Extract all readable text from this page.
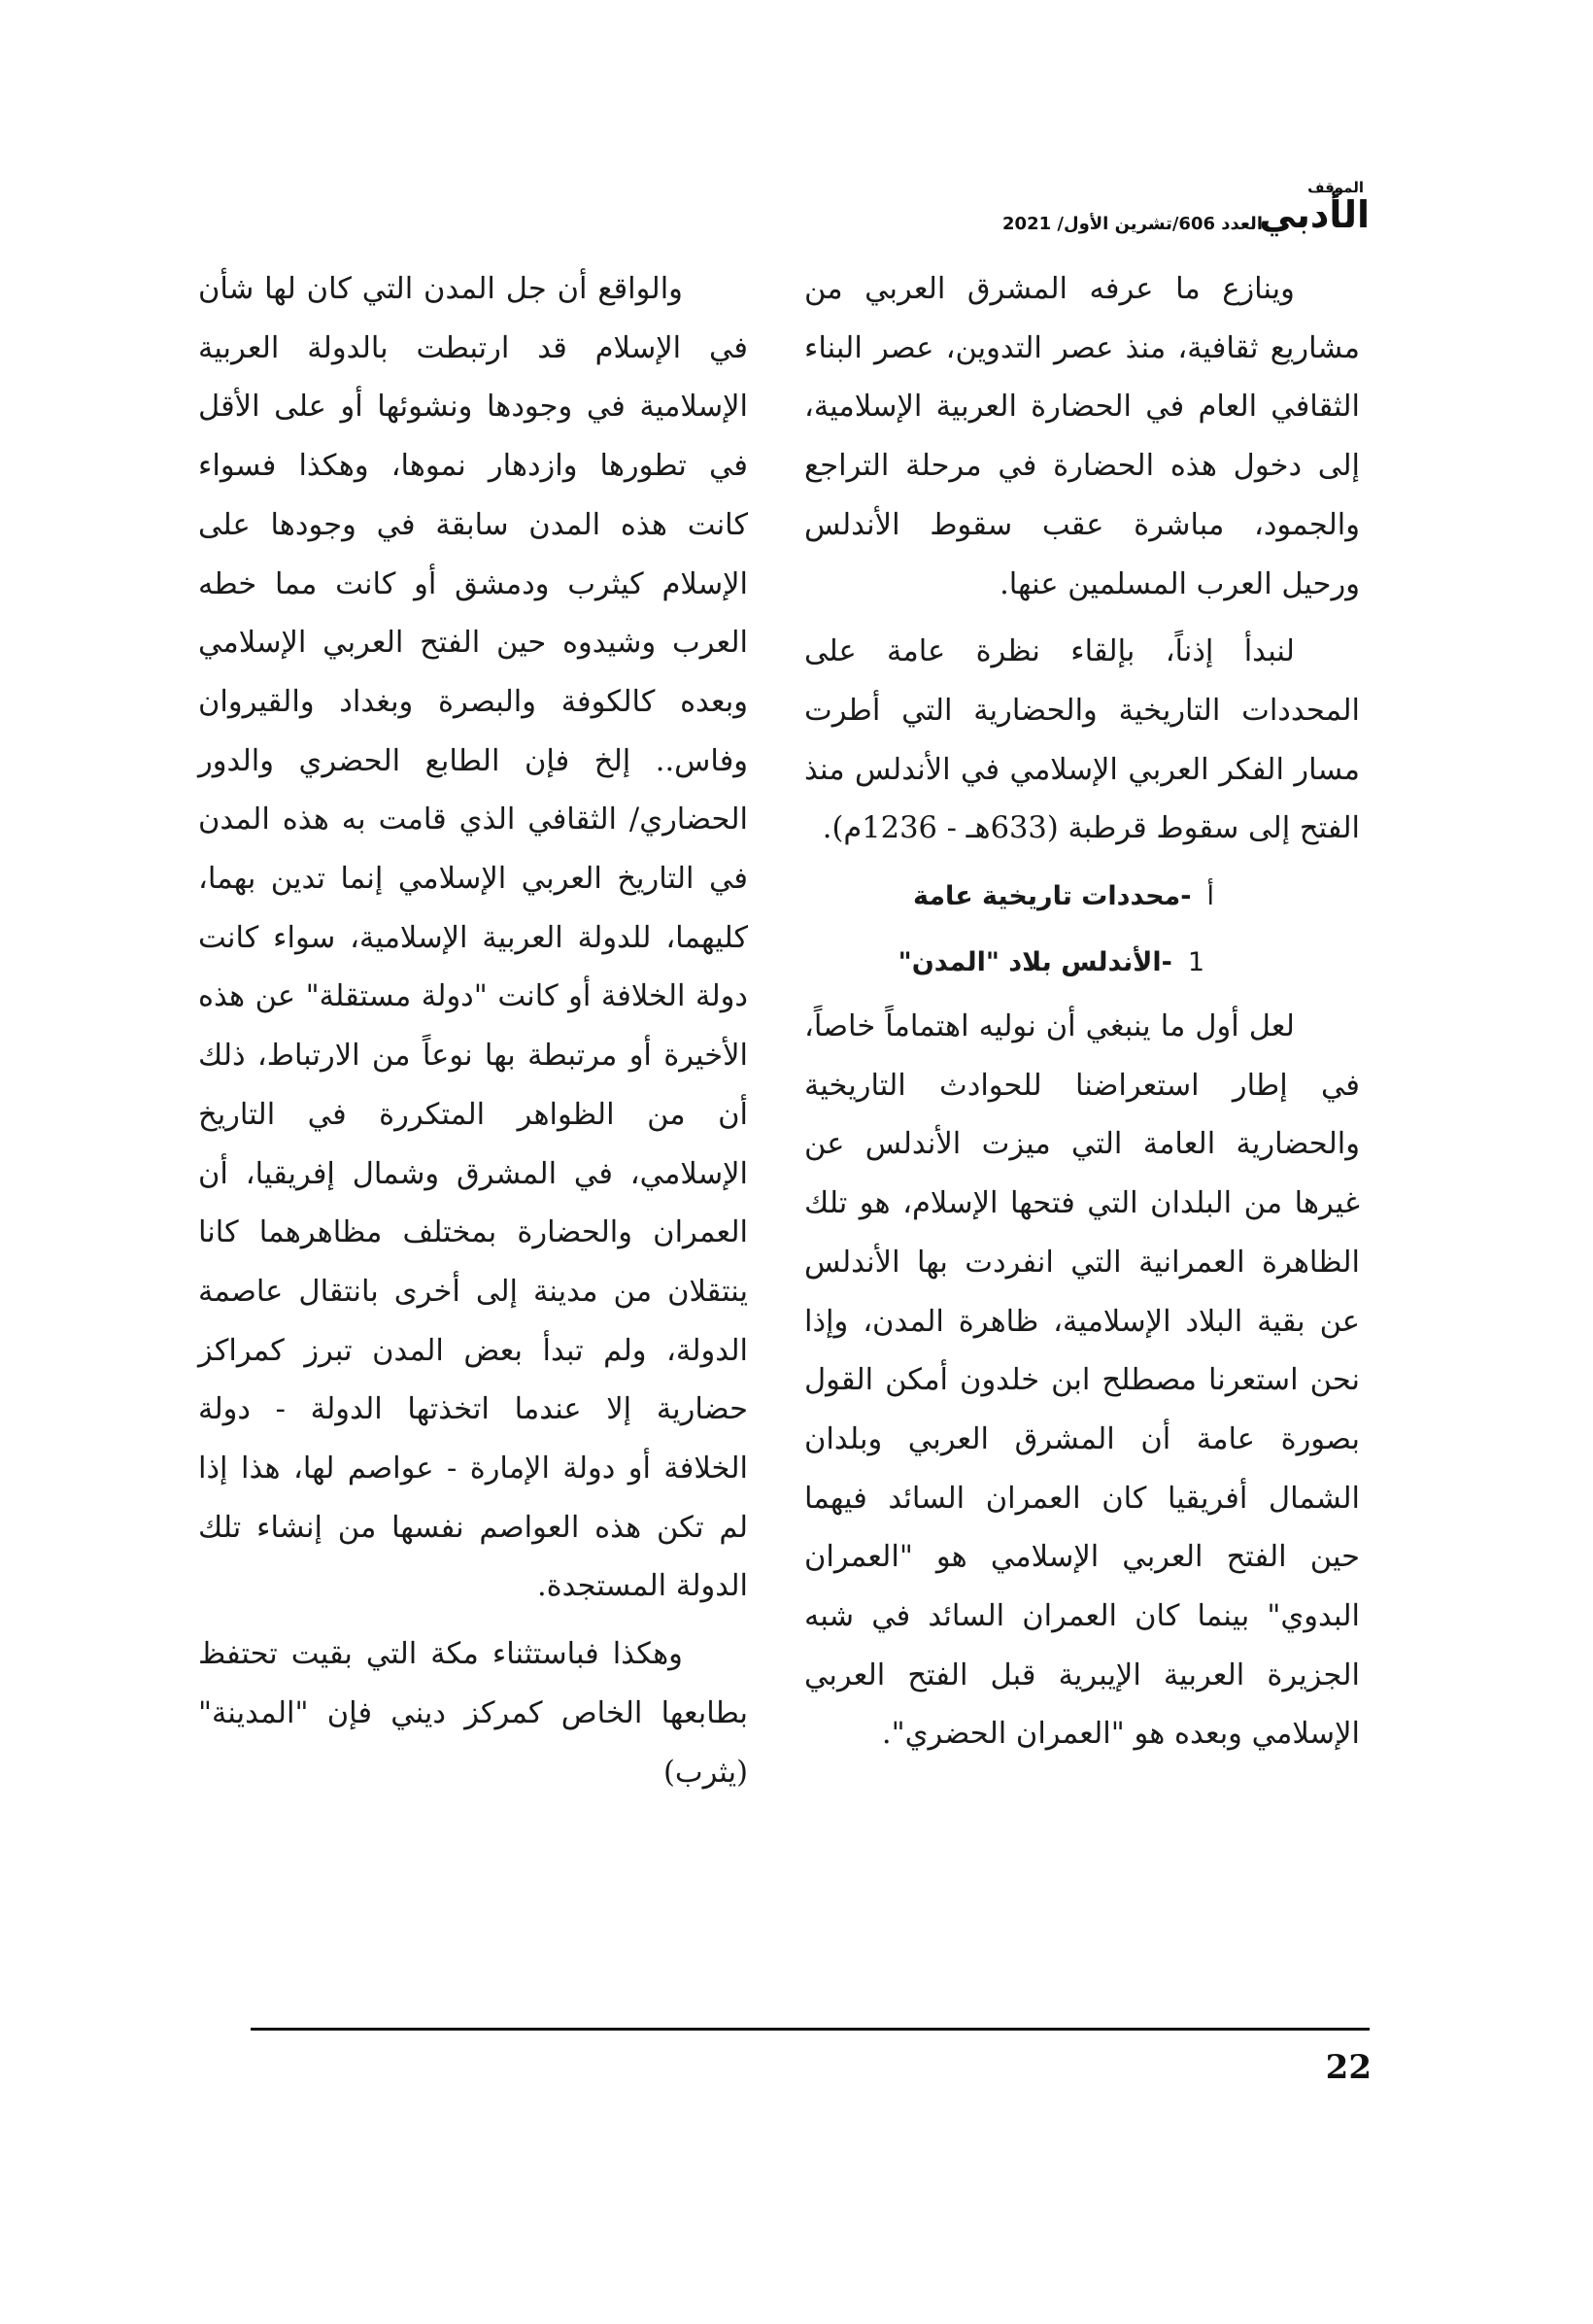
الموقف
الأدبي
العدد 606/تشرين الأول/ 2021

وينازع ما عرفه المشرق العربي من مشاريع ثقافية، منذ عصر التدوين، عصر البناء الثقافي العام في الحضارة العربية الإسلامية، إلى دخول هذه الحضارة في مرحلة التراجع والجمود، مباشرة عقب سقوط الأندلس ورحيل العرب المسلمين عنها.

لنبدأ إذناً، بإلقاء نظرة عامة على المحددات التاريخية والحضارية التي أطرت مسار الفكر العربي الإسلامي في الأندلس منذ الفتح إلى سقوط قرطبة (633هـ - 1236م).

أ-محددات تاريخية عامة
1-الأندلس بلاد "المدن"

لعل أول ما ينبغي أن نوليه اهتماماً خاصاً، في إطار استعراضنا للحوادث التاريخية والحضارية العامة التي ميزت الأندلس عن غيرها من البلدان التي فتحها الإسلام، هو تلك الظاهرة العمرانية التي انفردت بها الأندلس عن بقية البلاد الإسلامية، ظاهرة المدن، وإذا نحن استعرنا مصطلح ابن خلدون أمكن القول بصورة عامة أن المشرق العربي وبلدان الشمال أفريقيا كان العمران السائد فيهما حين الفتح العربي الإسلامي هو "العمران البدوي" بينما كان العمران السائد في شبه الجزيرة العربية الإيبرية قبل الفتح العربي الإسلامي وبعده هو "العمران الحضري".

والواقع أن جل المدن التي كان لها شأن في الإسلام قد ارتبطت بالدولة العربية الإسلامية في وجودها ونشوئها أو على الأقل في تطورها وازدهار نموها، وهكذا فسواء كانت هذه المدن سابقة في وجودها على الإسلام كيثرب ودمشق أو كانت مما خطه العرب وشيدوه حين الفتح العربي الإسلامي وبعده كالكوفة والبصرة وبغداد والقيروان وفاس.. إلخ فإن الطابع الحضري والدور الحضاري/ الثقافي الذي قامت به هذه المدن في التاريخ العربي الإسلامي إنما تدين بهما، كليهما، للدولة العربية الإسلامية، سواء كانت دولة الخلافة أو كانت "دولة مستقلة" عن هذه الأخيرة أو مرتبطة بها نوعاً من الارتباط، ذلك أن من الظواهر المتكررة في التاريخ الإسلامي، في المشرق وشمال إفريقيا، أن العمران والحضارة بمختلف مظاهرهما كانا ينتقلان من مدينة إلى أخرى بانتقال عاصمة الدولة، ولم تبدأ بعض المدن تبرز كمراكز حضارية إلا عندما اتخذتها الدولة - دولة الخلافة أو دولة الإمارة - عواصم لها، هذا إذا لم تكن هذه العواصم نفسها من إنشاء تلك الدولة المستجدة.

وهكذا فباستثناء مكة التي بقيت تحتفظ بطابعها الخاص كمركز ديني فإن "المدينة" (يثرب)

22
